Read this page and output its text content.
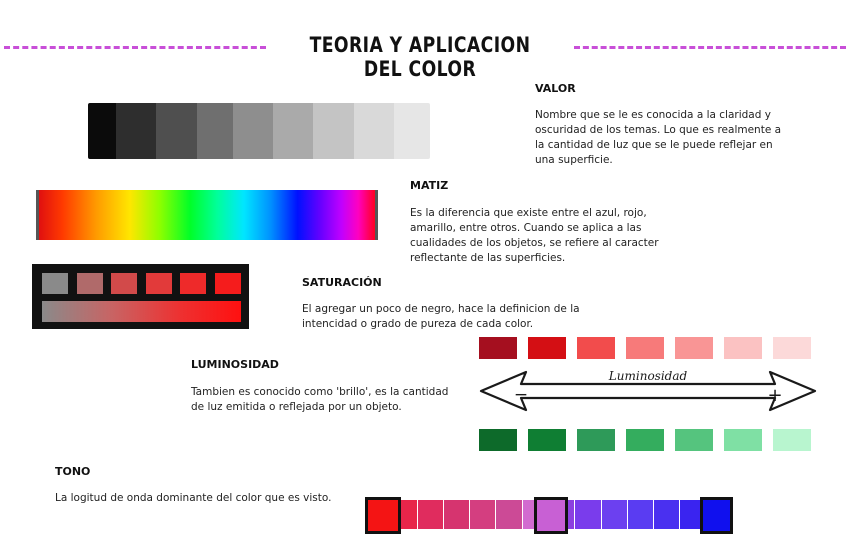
TEORIA Y APLICACION DEL COLOR
VALOR
Nombre que se le es conocida a la claridad y oscuridad de los temas. Lo que es realmente a la cantidad de luz que se le puede reflejar en una superficie.
MATIZ
Es la diferencia que existe entre el azul, rojo, amarillo, entre otros. Cuando se aplica a las cualidades de los objetos, se refiere al caracter reflectante de las superficies.
SATURACIÓN
El agregar un poco de negro, hace la definicion de la intencidad o grado de pureza de cada color.
LUMINOSIDAD
Tambien es conocido como 'brillo', es la cantidad de luz emitida o reflejada por un objeto.
Luminosidad
−	+
TONO
La logitud de onda dominante del color que es visto.
